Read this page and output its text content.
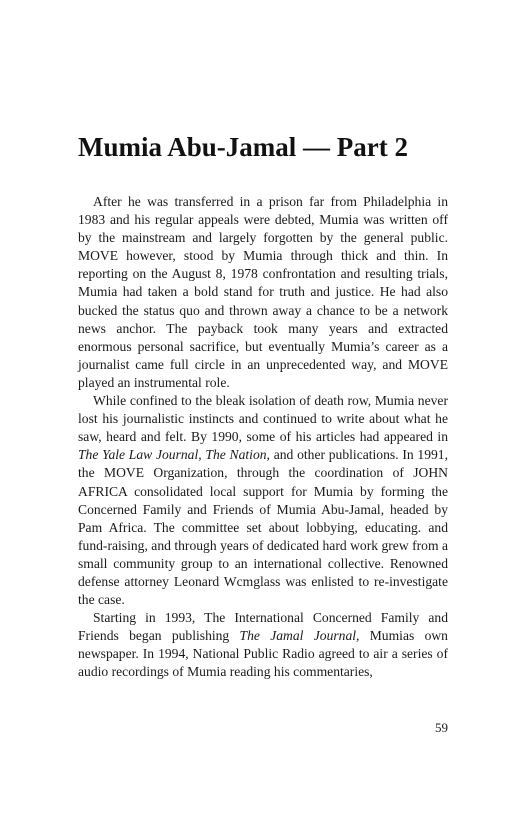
Mumia Abu-Jamal — Part 2

After he was transferred in a prison far from Philadelphia in 1983 and his regular appeals were debted, Mumia was written off by the mainstream and largely forgotten by the general public. MOVE however, stood by Mumia through thick and thin. In reporting on the August 8, 1978 confrontation and resulting trials, Mumia had taken a bold stand for truth and justice. He had also bucked the status quo and thrown away a chance to be a network news anchor. The payback took many years and extracted enormous personal sacrifice, but eventually Mumia’s career as a journalist came full circle in an unprecedented way, and MOVE played an instrumental role.

While confined to the bleak isolation of death row, Mumia never lost his journalistic instincts and continued to write about what he saw, heard and felt. By 1990, some of his articles had appeared in The Yale Law Journal, The Nation, and other publications. In 1991, the MOVE Organization, through the coordination of JOHN AFRICA consolidated local support for Mumia by forming the Concerned Family and Friends of Mumia Abu-Jamal, headed by Pam Africa. The committee set about lobbying, educating. and fund-raising, and through years of dedicated hard work grew from a small community group to an international collective. Renowned defense attorney Leonard Wcmglass was enlisted to re-investigate the case.

Starting in 1993, The International Concerned Family and Friends began publishing The Jamal Journal, Mumias own newspaper. In 1994, National Public Radio agreed to air a series of audio recordings of Mumia reading his commentaries,

59
